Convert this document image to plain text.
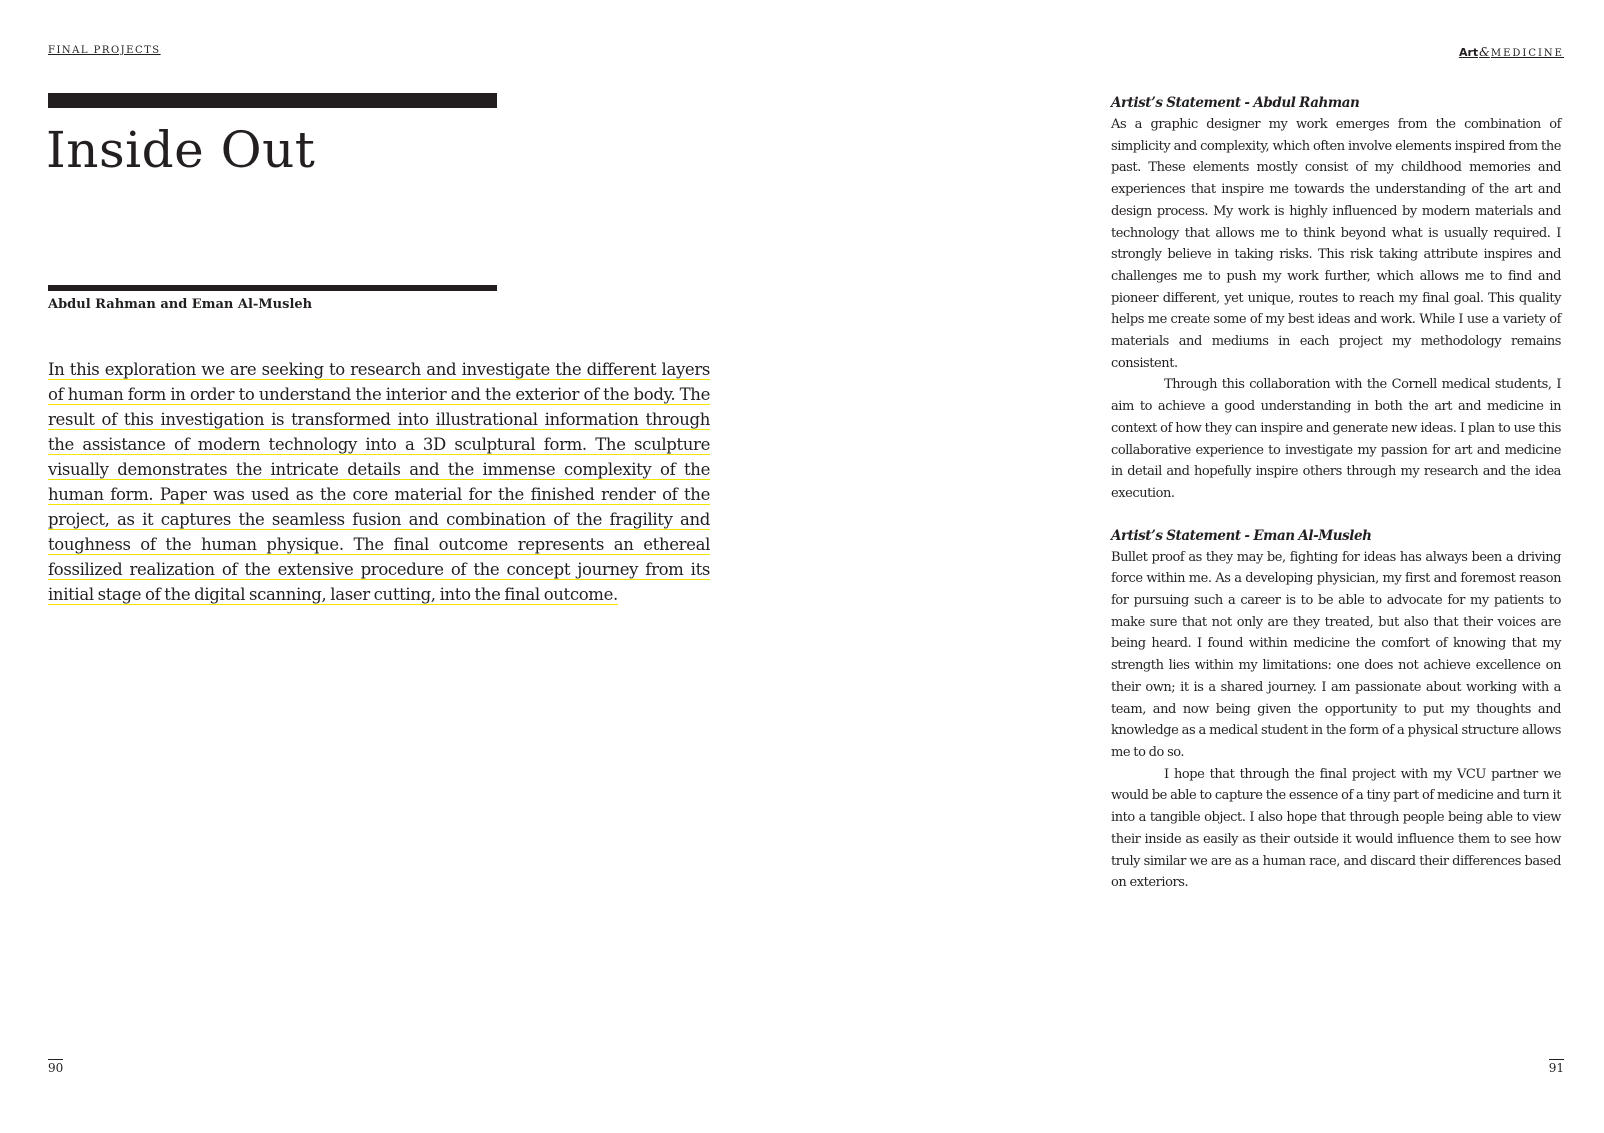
FINAL PROJECTS	Art&MEDICINE
Inside Out
Abdul Rahman and Eman Al-Musleh
In this exploration we are seeking to research and investigate the different layers of human form in order to understand the interior and the exterior of the body. The result of this investigation is transformed into illustrational information through the assistance of modern technology into a 3D sculptural form. The sculpture visually demonstrates the intricate details and the immense complexity of the human form. Paper was used as the core material for the finished render of the project, as it captures the seamless fusion and combination of the fragility and toughness of the human physique. The final outcome represents an ethereal fossilized realization of the extensive procedure of the concept journey from its initial stage of the digital scanning, laser cutting, into the final outcome.

Artist’s Statement - Abdul Rahman

As a graphic designer my work emerges from the combination of simplicity and complexity, which often involve elements inspired from the past. These elements mostly consist of my childhood memories and experiences that inspire me towards the understanding of the art and design process. My work is highly influenced by modern materials and technology that allows me to think beyond what is usually required. I strongly believe in taking risks. This risk taking attribute inspires and challenges me to push my work further, which allows me to find and pioneer different, yet unique, routes to reach my final goal. This quality helps me create some of my best ideas and work. While I use a variety of materials and mediums in each project my methodology remains consistent.

Through this collaboration with the Cornell medical students, I aim to achieve a good understanding in both the art and medicine in context of how they can inspire and generate new ideas. I plan to use this collaborative experience to investigate my passion for art and medicine in detail and hopefully inspire others through my research and the idea execution.

Artist’s Statement - Eman Al-Musleh

Bullet proof as they may be, fighting for ideas has always been a driving force within me. As a developing physician, my first and foremost reason for pursuing such a career is to be able to advocate for my patients to make sure that not only are they treated, but also that their voices are being heard. I found within medicine the comfort of knowing that my strength lies within my limitations: one does not achieve excellence on their own; it is a shared journey. I am passionate about working with a team, and now being given the opportunity to put my thoughts and knowledge as a medical student in the form of a physical structure allows me to do so.

I hope that through the final project with my VCU partner we would be able to capture the essence of a tiny part of medicine and turn it into a tangible object. I also hope that through people being able to view their inside as easily as their outside it would influence them to see how truly similar we are as a human race, and discard their differences based on exteriors.

90	91
